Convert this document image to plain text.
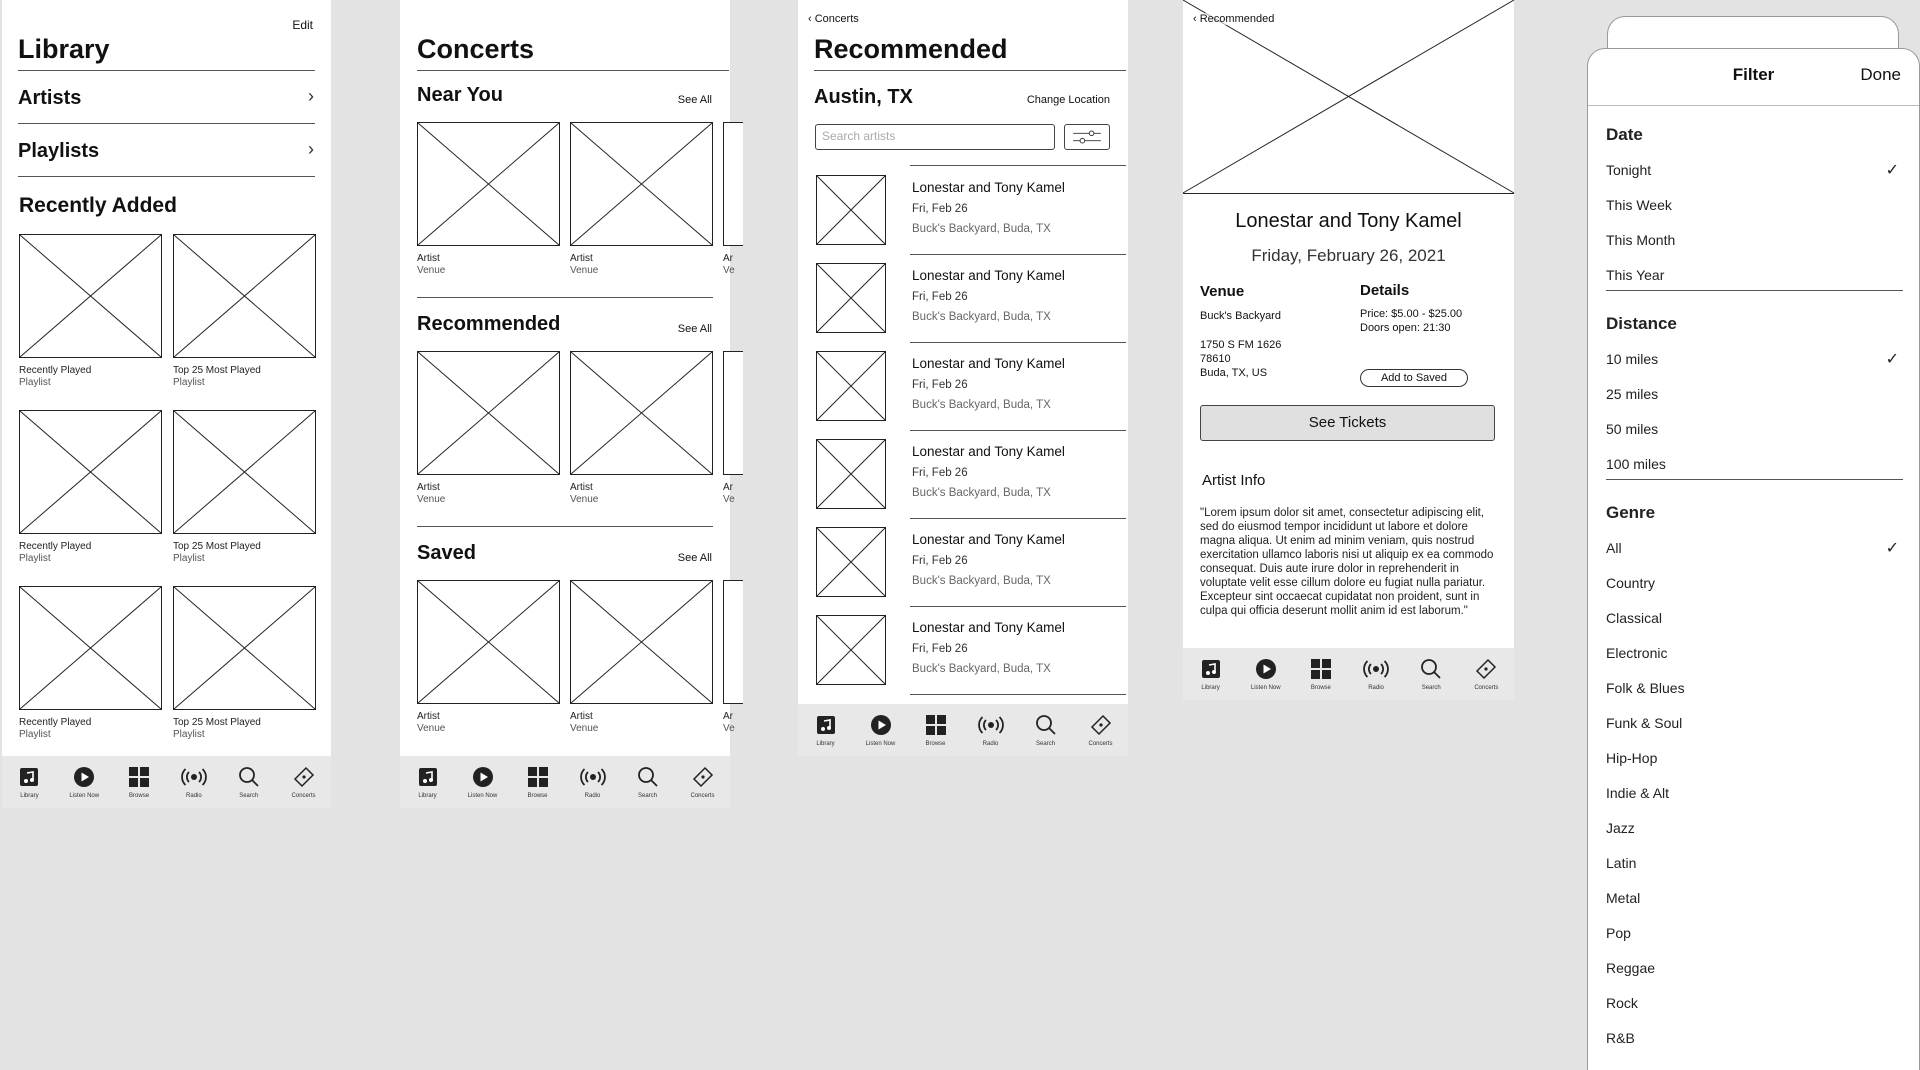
Edit
Library
Artists	›
Playlists	›
Recently Added
Recently Played
Playlist
Top 25 Most Played
Playlist
Recently Played
Playlist
Top 25 Most Played
Playlist
Recently Played
Playlist
Top 25 Most Played
Playlist
Library	Listen Now	Browse	Radio	Search	Concerts
Concerts
Near You	See All
Artist
Venue
Artist
Venue
Ar
Ve
Recommended	See All
Artist
Venue
Artist
Venue
Ar
Ve
Saved	See All
Artist
Venue
Artist
Venue
Ar
Ve
Library	Listen Now	Browse	Radio	Search	Concerts
‹ Concerts
Recommended
Austin, TX	Change Location
Search artists
Lonestar and Tony Kamel
Fri, Feb 26
Buck's Backyard, Buda, TX
Lonestar and Tony Kamel
Fri, Feb 26
Buck's Backyard, Buda, TX
Lonestar and Tony Kamel
Fri, Feb 26
Buck's Backyard, Buda, TX
Lonestar and Tony Kamel
Fri, Feb 26
Buck's Backyard, Buda, TX
Lonestar and Tony Kamel
Fri, Feb 26
Buck's Backyard, Buda, TX
Lonestar and Tony Kamel
Fri, Feb 26
Buck's Backyard, Buda, TX
Library	Listen Now	Browse	Radio	Search	Concerts
‹ Recommended
Lonestar and Tony Kamel
Friday, February 26, 2021
Venue
Buck's Backyard
1750 S FM 1626
78610
Buda, TX, US
Details
Price: $5.00 - $25.00
Doors open: 21:30
Add to Saved
See Tickets
Artist Info
"Lorem ipsum dolor sit amet, consectetur adipiscing elit, sed do eiusmod tempor incididunt ut labore et dolore magna aliqua. Ut enim ad minim veniam, quis nostrud exercitation ullamco laboris nisi ut aliquip ex ea commodo consequat. Duis aute irure dolor in reprehenderit in voluptate velit esse cillum dolore eu fugiat nulla pariatur. Excepteur sint occaecat cupidatat non proident, sunt in culpa qui officia deserunt mollit anim id est laborum."
Library	Listen Now	Browse	Radio	Search	Concerts
Filter	Done
Date
Tonight	✓
This Week
This Month
This Year
Distance
10 miles	✓
25 miles
50 miles
100 miles
Genre
All	✓
Country
Classical
Electronic
Folk & Blues
Funk & Soul
Hip-Hop
Indie & Alt
Jazz
Latin
Metal
Pop
Reggae
Rock
R&B
